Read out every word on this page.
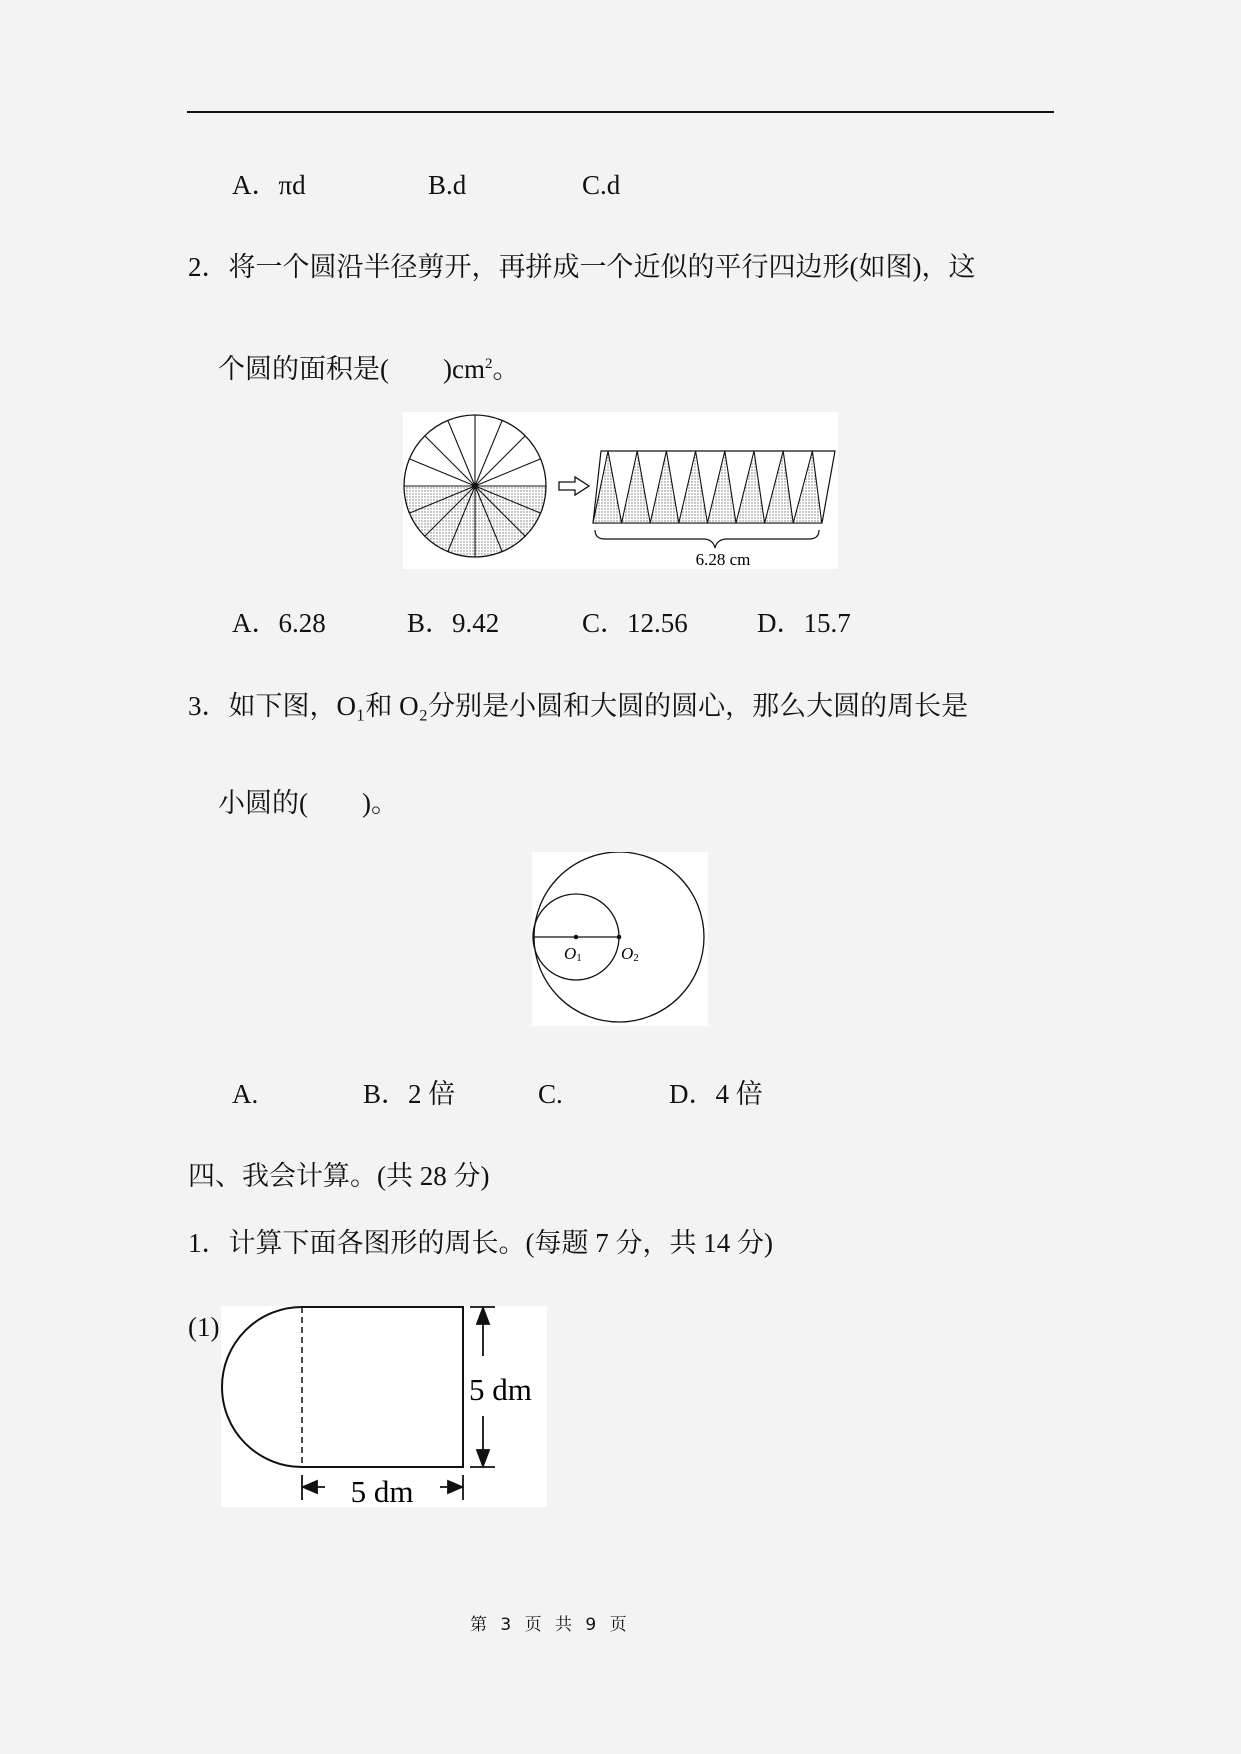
A．πd	B.d	C.d
2．将一个圆沿半径剪开，再拼成一个近似的平行四边形(如图)，这
个圆的面积是(        )$cm^2$。
6.28 cm
A．6.28	B．9.42	C．12.56	D．15.7
3．如下图，O₁和 O₂分别是小圆和大圆的圆心，那么大圆的周长是
小圆的(        )。
O1 O2
A.	B．2 倍	C.	D．4 倍
四、我会计算。(共 28 分)
1．计算下面各图形的周长。(每题 7 分，共 14 分)
(1)
5 dm
5 dm
第 3 页 共 9 页
